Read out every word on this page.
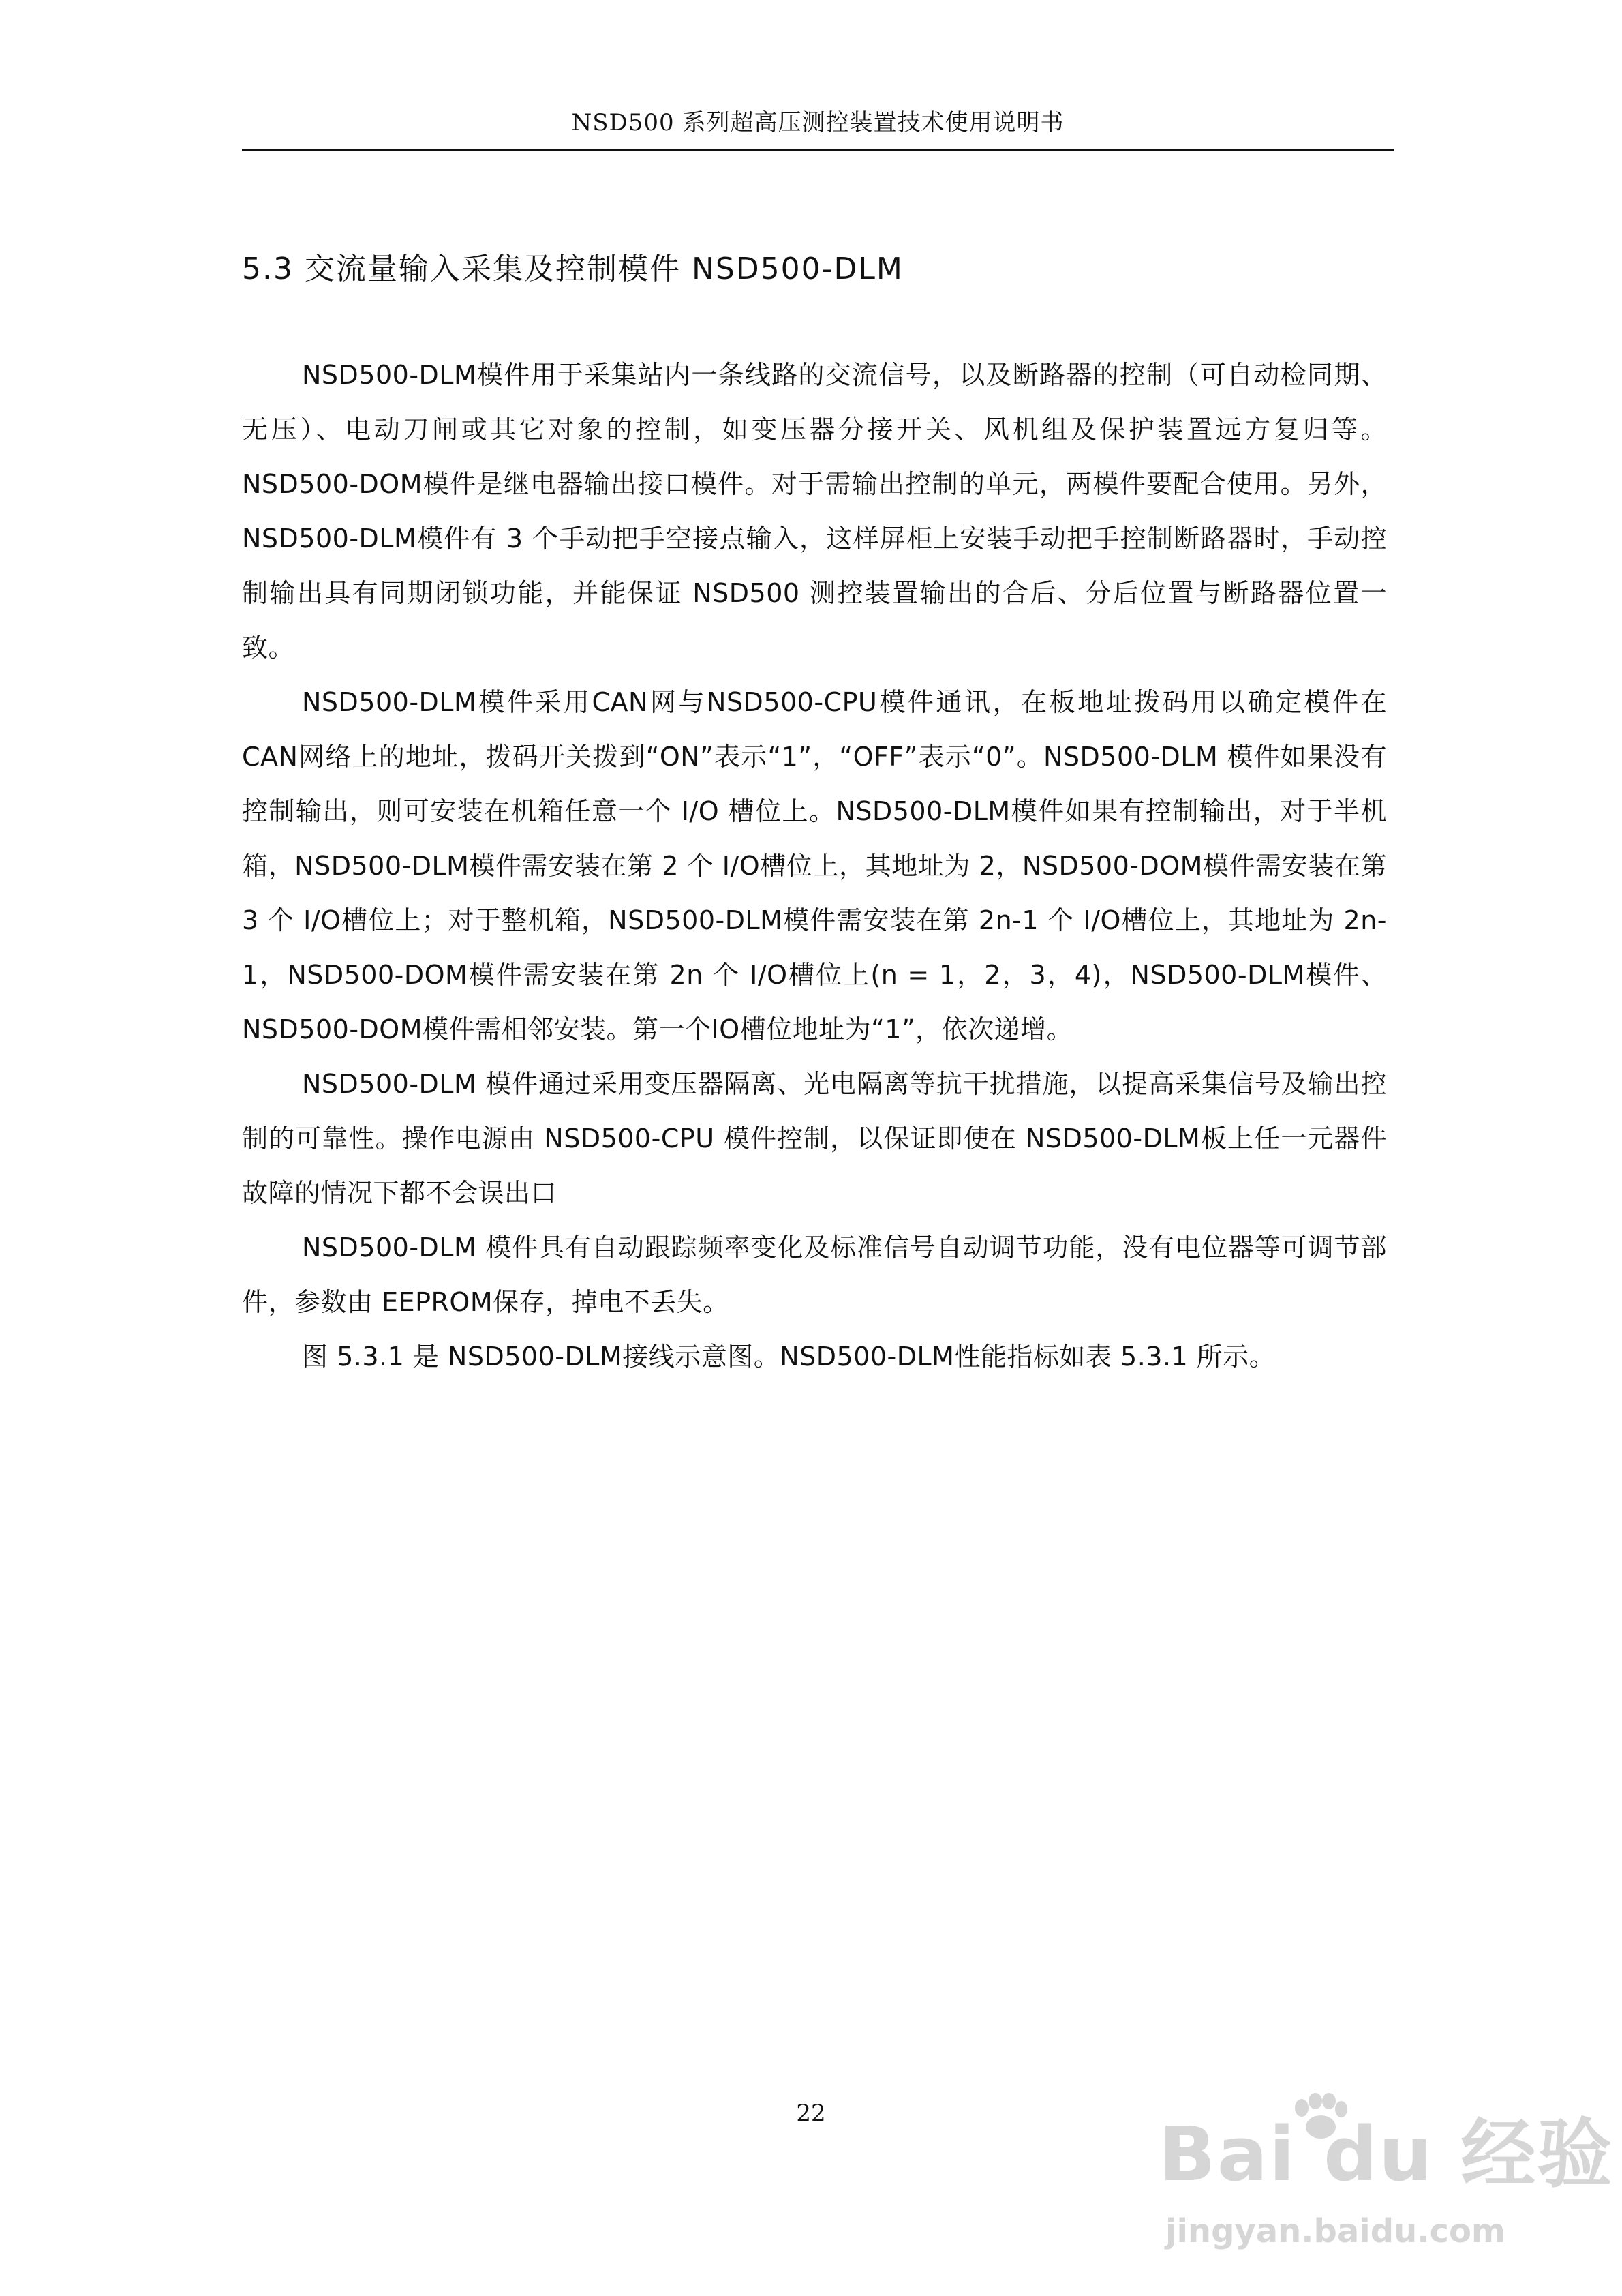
NSD500 系列超高压测控装置技术使用说明书
5.3 交流量输入采集及控制模件 NSD500-DLM

NSD500-DLM模件用于采集站内一条线路的交流信号，以及断路器的控制（可自动检同期、无压）、电动刀闸或其它对象的控制，如变压器分接开关、风机组及保护装置远方复归等。NSD500-DOM模件是继电器输出接口模件。对于需输出控制的单元，两模件要配合使用。另外，NSD500-DLM模件有 3 个手动把手空接点输入，这样屏柜上安装手动把手控制断路器时，手动控制输出具有同期闭锁功能，并能保证 NSD500 测控装置输出的合后、分后位置与断路器位置一致。

NSD500-DLM模件采用CAN网与NSD500-CPU模件通讯，在板地址拨码用以确定模件在CAN网络上的地址，拨码开关拨到“ON”表示“1”，“OFF”表示“0”。NSD500-DLM 模件如果没有控制输出，则可安装在机箱任意一个 I/O 槽位上。NSD500-DLM模件如果有控制输出，对于半机箱，NSD500-DLM模件需安装在第 2 个 I/O槽位上，其地址为 2，NSD500-DOM模件需安装在第 3 个 I/O槽位上；对于整机箱，NSD500-DLM模件需安装在第 2n-1 个 I/O槽位上，其地址为 2n-1，NSD500-DOM模件需安装在第 2n 个 I/O槽位上(n = 1，2，3，4)，NSD500-DLM模件、NSD500-DOM模件需相邻安装。第一个IO槽位地址为“1”，依次递增。

NSD500-DLM 模件通过采用变压器隔离、光电隔离等抗干扰措施，以提高采集信号及输出控制的可靠性。操作电源由 NSD500-CPU 模件控制，以保证即使在 NSD500-DLM板上任一元器件故障的情况下都不会误出口

NSD500-DLM 模件具有自动跟踪频率变化及标准信号自动调节功能，没有电位器等可调节部件，参数由 EEPROM保存，掉电不丢失。

图 5.3.1 是 NSD500-DLM接线示意图。NSD500-DLM性能指标如表 5.3.1 所示。

22	Bai du 经验
jingyan.baidu.com
